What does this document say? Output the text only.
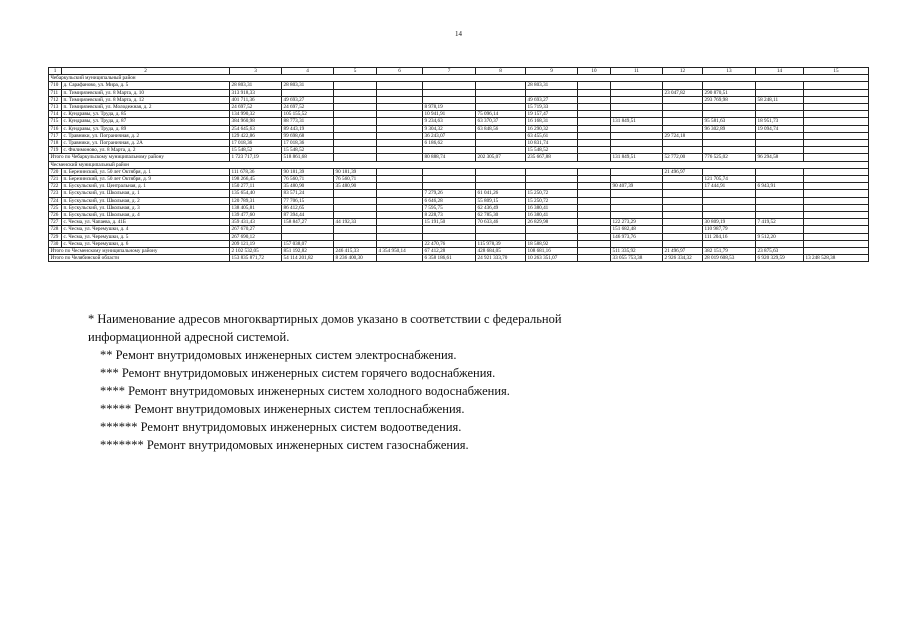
14
1	2	3	4	5	6	7	8	9	10	11	12	13	14	15
Чебаркульский муниципальный район														
710	д. Сарафаново, ул. Мира, д. 5	28 803,31	28 803,31					28 803,31						
711	п. Тимирязевский, ул. 8 Марта, д. 10	313 918,33									23 047,82	290 870,51		
712	п. Тимирязевский, ул. 8 Марта, д. 12	401 711,36	49 693,27					49 693,27				293 769,98	58 248,11	
713	п. Тимирязевский, ул. Молодежная, д. 2	24 697,52	24 697,52			8 978,19		15 719,33						
714	с. Кундравы, ул. Труда, д. 85	134 990,32	105 155,52			10 941,91	75 096,14	19 157,47						
715	с. Кундравы, ул. Труда, д. 87	384 960,98	88 773,31			9 234,63	63 370,37	16 168,31		131 849,51		95 581,63	18 951,73	
716	с. Кундравы, ул. Труда, д. 89	254 645,63	89 443,19			9 304,32	63 848,56	16 290,32				96 302,89	19 094,74	
717	с. Травники, ул. Пограничная, д. 2	129 422,86	99 698,68			36 243,07		63 455,61			29 724,18			
718	с. Травники, ул. Пограничная, д. 2А	17 018,36	17 018,36			6 186,62		10 831,74						
719	с. Филимоново, ул. 8 Марта, д. 2	15 548,52	15 548,52					15 548,52						
Итого по Чебаркульскому муниципальному району		1 723 717,19	518 861,68			80 888,74	202 305,07	235 667,88		131 849,51	52 772,00	776 525,02	96 294,58	
Чесменский муниципальный район														
720	п. Березинский, ул. 50 лет Октября, д. 1	111 678,36	90 181,39	90 181,39							21 496,97			
721	п. Березинский, ул. 50 лет Октября, д. 9	198 266,45	76 560,71	76 560,71								121 705,74		
722	п. Бускульский, ул. Центральная, д. 1	150 277,11	35 480,90	35 480,90						90 407,39		17 444,91	6 943,91	
723	п. Бускульский, ул. Школьная, д. 1	135 654,40	83 571,24			7 279,26	61 041,26	15 250,72						
724	п. Бускульский, ул. Школьная, д. 2	120 789,31	77 706,15			6 646,28	55 809,15	15 250,72						
725	п. Бускульский, ул. Школьная, д. 3	138 405,81	86 412,65			7 595,75	62 436,49	16 380,41						
726	п. Бускульский, ул. Школьная, д. 4	139 477,60	87 394,44			8 228,73	62 785,30	16 380,41						
727	с. Чесма, ул. Чапаева, д. 41Б	359 431,43	158 847,27	44 192,33		15 191,50	70 633,46	26 829,98		122 273,29		30 809,19	7 419,52	
728	с. Чесма, ул. Черемушки, д. 4	267 670,27								151 682,48		110 987,79		
729	с. Чесма, ул. Черемушки, д. 5	267 690,12								146 973,76		111 204,16	9 512,20	
730	с. Чесма, ул. Черемушки, д. 6	209 121,19	157 038,07			22 470,76	115 978,39	18 588,92						
Итого по Чесменскому муниципальному району		2 102 532,05	851 192,82	246 415,33	4 354 950,14	67 412,28	428 684,05	108 681,16		511 335,92	21 496,97	382 151,79	23 875,63	
Итого по Челябинской области		153 835 871,72	54 114 201,82	8 236 400,30		6 358 186,61	24 921 333,70	10 263 351,07		33 055 753,38	2 926 334,32	28 019 608,53	6 920 329,59	13 248 528,38

* Наименование адресов многоквартирных домов указано в соответствии с федеральной информационной адресной системой.

** Ремонт внутридомовых инженерных систем электроснабжения.

*** Ремонт внутридомовых инженерных систем горячего водоснабжения.

**** Ремонт внутридомовых инженерных систем холодного водоснабжения.

***** Ремонт внутридомовых инженерных систем теплоснабжения.

****** Ремонт внутридомовых инженерных систем водоотведения.

******* Ремонт внутридомовых инженерных систем газоснабжения.
